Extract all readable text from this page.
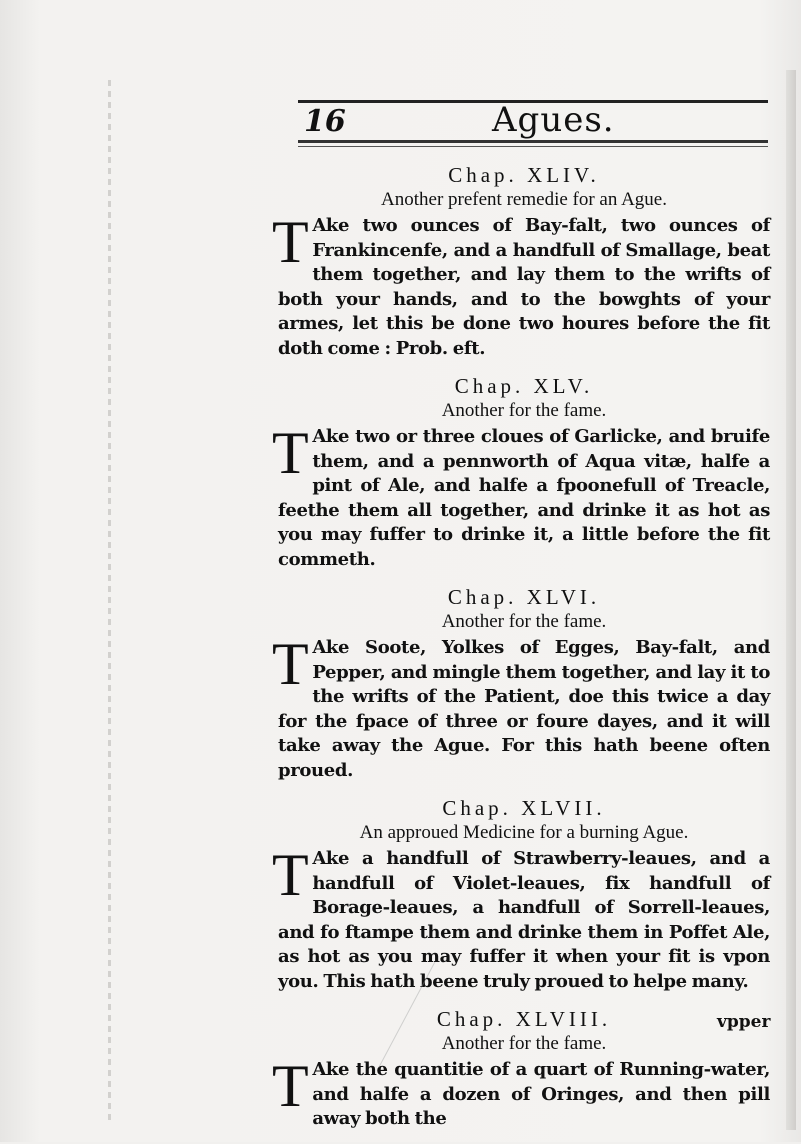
16	Agues.

Chap. XLIV.

Another prefent remedie for an Ague.

T Ake two ounces of Bay-falt, two ounces of Frankincenfe, and a handfull of Smallage, beat them together, and lay them to the wrifts of both your hands, and to the bowghts of your armes, let this be done two houres before the fit doth come : Prob. eft.

Chap. XLV.

Another for the fame.

T Ake two or three cloues of Garlicke, and bruife them, and a pennworth of Aqua vitæ, halfe a pint of Ale, and halfe a fpoonefull of Treacle, feethe them all together, and drinke it as hot as you may fuffer to drinke it, a little before the fit commeth.

Chap. XLVI.

Another for the fame.

T Ake Soote, Yolkes of Egges, Bay-falt, and Pepper, and mingle them together, and lay it to the wrifts of the Patient, doe this twice a day for the fpace of three or foure dayes, and it will take away the Ague. For this hath beene often proued.

Chap. XLVII.

An approued Medicine for a burning Ague.

T Ake a handfull of Strawberry-leaues, and a handfull of Violet-leaues, fix handfull of Borage-leaues, a handfull of Sorrell-leaues, and fo ftampe them and drinke them in Poffet Ale, as hot as you may fuffer it when your fit is vpon you. This hath beene truly proued to helpe many.

Chap. XLVIII.

Another for the fame.

T Ake the quantitie of a quart of Running-water, and halfe a dozen of Oringes, and then pill away both the

vpper
